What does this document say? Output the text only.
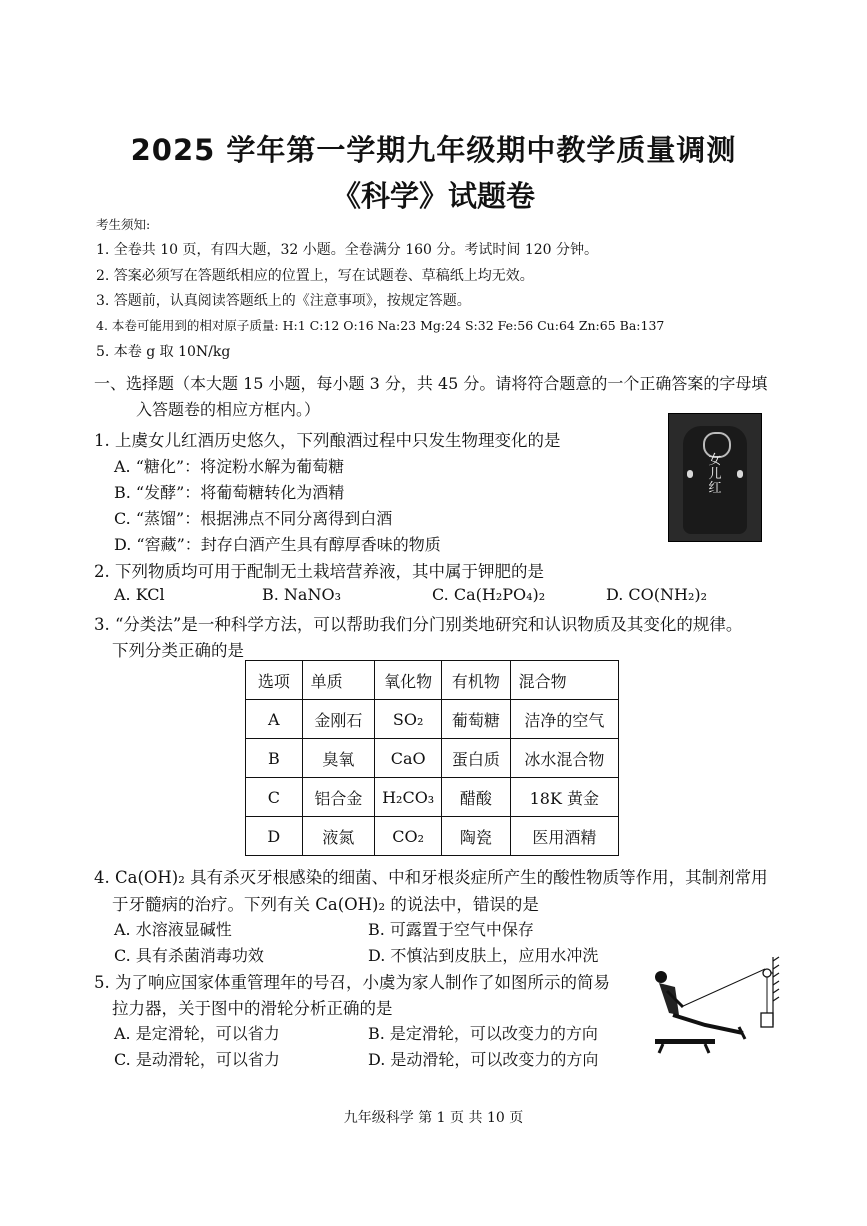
2025 学年第一学期九年级期中教学质量调测
《科学》试题卷
考生须知:
1. 全卷共 10 页，有四大题，32 小题。全卷满分 160 分。考试时间 120 分钟。
2. 答案必须写在答题纸相应的位置上，写在试题卷、草稿纸上均无效。
3. 答题前，认真阅读答题纸上的《注意事项》，按规定答题。
4. 本卷可能用到的相对原子质量: H:1 C:12 O:16 Na:23 Mg:24 S:32 Fe:56 Cu:64 Zn:65 Ba:137
5. 本卷 g 取 10N/kg
一、选择题（本大题 15 小题，每小题 3 分，共 45 分。请将符合题意的一个正确答案的字母填
入答题卷的相应方框内。）
1. 上虞女儿红酒历史悠久，下列酿酒过程中只发生物理变化的是
A. “糖化”：将淀粉水解为葡萄糖
B. “发酵”：将葡萄糖转化为酒精
C. “蒸馏”：根据沸点不同分离得到白酒
D. “窖藏”：封存白酒产生具有醇厚香味的物质
女儿红
2. 下列物质均可用于配制无土栽培营养液，其中属于钾肥的是
A. KCl	B. NaNO₃	C. Ca(H₂PO₄)₂	D. CO(NH₂)₂
3. “分类法”是一种科学方法，可以帮助我们分门别类地研究和认识物质及其变化的规律。
下列分类正确的是
选项	单质	氧化物	有机物	混合物
A	金刚石	SO₂	葡萄糖	洁净的空气
B	臭氧	CaO	蛋白质	冰水混合物
C	铝合金	H₂CO₃	醋酸	18K 黄金
D	液氮	CO₂	陶瓷	医用酒精
4. Ca(OH)₂ 具有杀灭牙根感染的细菌、中和牙根炎症所产生的酸性物质等作用，其制剂常用
于牙髓病的治疗。下列有关 Ca(OH)₂ 的说法中，错误的是
A. 水溶液显碱性	B. 可露置于空气中保存
C. 具有杀菌消毒功效	D. 不慎沾到皮肤上，应用水冲洗
5. 为了响应国家体重管理年的号召，小虞为家人制作了如图所示的简易
拉力器，关于图中的滑轮分析正确的是
A. 是定滑轮，可以省力	B. 是定滑轮，可以改变力的方向
C. 是动滑轮，可以省力	D. 是动滑轮，可以改变力的方向
九年级科学 第 1 页 共 10 页
